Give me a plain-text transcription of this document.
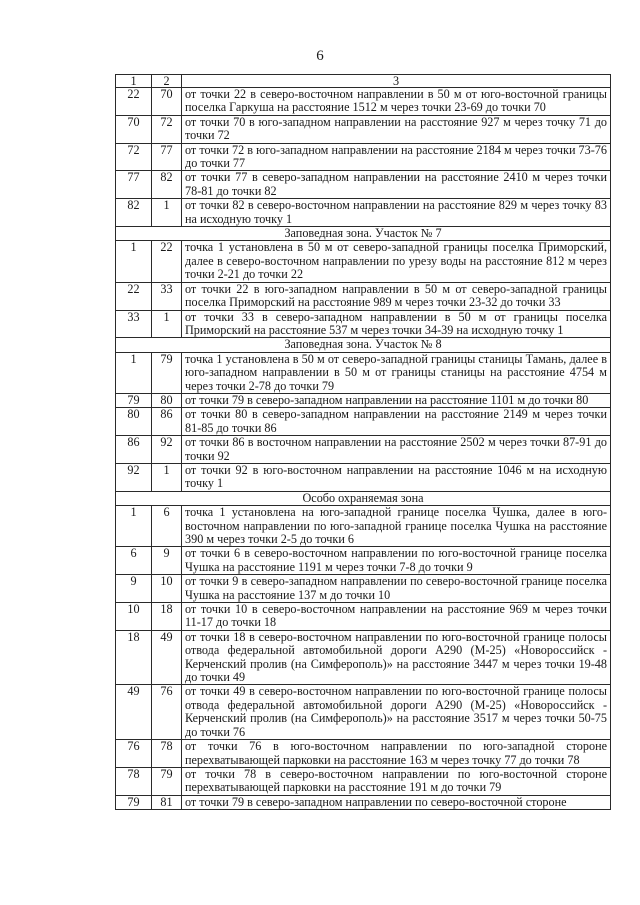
6
1	2	3
22	70	от точки 22 в северо-восточном направлении в 50 м от юго-восточной границы поселка Гаркуша на расстояние 1512 м через точки 23-69 до точки 70
70	72	от точки 70 в юго-западном направлении на расстояние 927 м через точку 71 до точки 72
72	77	от точки 72 в юго-западном направлении на расстояние 2184 м через точки 73-76 до точки 77
77	82	от точки 77 в северо-западном направлении на расстояние 2410 м через точки 78-81 до точки 82
82	1	от точки 82 в северо-восточном направлении на расстояние 829 м через точку 83 на исходную точку 1
Заповедная зона. Участок № 7		
1	22	точка 1 установлена в 50 м от северо-западной границы поселка Приморский, далее в северо-восточном направлении по урезу воды на расстояние 812 м через точки 2-21 до точки 22
22	33	от точки 22 в юго-западном направлении в 50 м от северо-западной границы поселка Приморский на расстояние 989 м через точки 23-32 до точки 33
33	1	от точки 33 в северо-западном направлении в 50 м от границы поселка Приморский на расстояние 537 м через точки 34-39 на исходную точку 1
Заповедная зона. Участок № 8		
1	79	точка 1 установлена в 50 м от северо-западной границы станицы Тамань, далее в юго-западном направлении в 50 м от границы станицы на расстояние 4754 м через точки 2-78 до точки 79
79	80	от точки 79 в северо-западном направлении на расстояние 1101 м до точки 80
80	86	от точки 80 в северо-западном направлении на расстояние 2149 м через точки 81-85 до точки 86
86	92	от точки 86 в восточном направлении на расстояние 2502 м через точки 87-91 до точки 92
92	1	от точки 92 в юго-восточном направлении на расстояние 1046 м на исходную точку 1
Особо охраняемая зона		
1	6	точка 1 установлена на юго-западной границе поселка Чушка, далее в юго-восточном направлении по юго-западной границе поселка Чушка на расстояние 390 м через точки 2-5 до точки 6
6	9	от точки 6 в северо-восточном направлении по юго-восточной границе поселка Чушка на расстояние 1191 м через точки 7-8 до точки 9
9	10	от точки 9 в северо-западном направлении по северо-восточной границе поселка Чушка на расстояние 137 м до точки 10
10	18	от точки 10 в северо-восточном направлении на расстояние 969 м через точки 11-17 до точки 18
18	49	от точки 18 в северо-восточном направлении по юго-восточной границе полосы отвода федеральной автомобильной дороги А290 (М-25) «Новороссийск - Керченский пролив (на Симферополь)» на расстояние 3447 м через точки 19-48 до точки 49
49	76	от точки 49 в северо-восточном направлении по юго-восточной границе полосы отвода федеральной автомобильной дороги А290 (М-25) «Новороссийск - Керченский пролив (на Симферополь)» на расстояние 3517 м через точки 50-75 до точки 76
76	78	от точки 76 в юго-восточном направлении по юго-западной стороне перехватывающей парковки на расстояние 163 м через точку 77 до точки 78
78	79	от точки 78 в северо-восточном направлении по юго-восточной стороне перехватывающей парковки на расстояние 191 м до точки 79
79	81	от точки 79 в северо-западном направлении по северо-восточной стороне
